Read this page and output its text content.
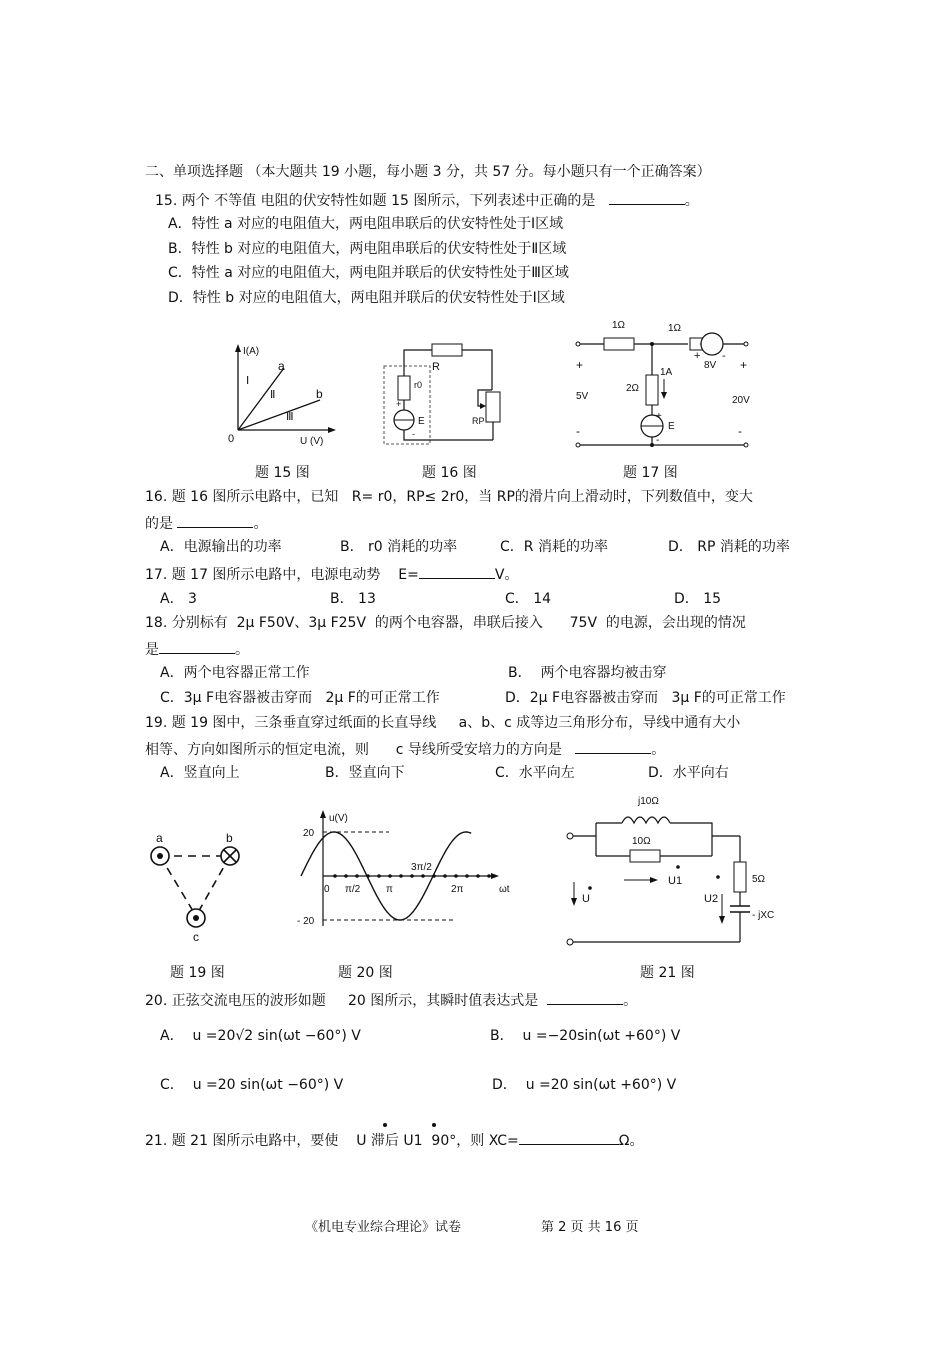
二、单项选择题 （本大题共 19 小题，每小题 3 分，共 57 分。每小题只有一个正确答案）
15. 两个 不等值 电阻的伏安特性如题 15 图所示，下列表述中正确的是	。
A．特性 a 对应的电阻值大，两电阻串联后的伏安特性处于Ⅰ区域
B．特性 b 对应的电阻值大，两电阻串联后的伏安特性处于Ⅱ区域
C．特性 a 对应的电阻值大，两电阻并联后的伏安特性处于Ⅲ区域
D．特性 b 对应的电阻值大，两电阻并联后的伏安特性处于Ⅰ区域
I(A)
a
b
Ⅰ
Ⅱ
Ⅲ
0	U (V)
题 15 图
R
r0
+
E
-
RP
题 16 图
1Ω	1Ω
2Ω
1A
8V
+ -
+	+
5V	20V
-	-
+
E
-
题 17 图
16. 题 16 图所示电路中，已知   R= r0，RP≤ 2r0，当 RP的滑片向上滑动时，下列数值中，变大
的是	。
A．电源输出的功率	B． r0 消耗的功率	C．R 消耗的功率	D． RP 消耗的功率
17. 题 17 图所示电路中，电源电动势    E=	V。
A． 3	B． 13	C． 14	D． 15
18. 分别标有  2μ F50V、3μ F25V  的两个电容器，串联后接入      75V  的电源，会出现的情况
是	。
A．两个电容器正常工作	B．  两个电容器均被击穿
C．3μ F电容器被击穿而   2μ F的可正常工作	D．2μ F电容器被击穿而   3μ F的可正常工作
19. 题 19 图中，三条垂直穿过纸面的长直导线     a、b、c 成等边三角形分布，导线中通有大小
相等、方向如图所示的恒定电流，则      c 导线所受安培力的方向是	。
A．竖直向上	B．竖直向下	C．水平向左	D．水平向右
a	b
c
题 19 图
u(V)
20
- 20
0 π/2	π
3π/2
2π	ωt
题 20 图
j10Ω
10Ω
5Ω
- jXC
U
U1
U2
题 21 图
20. 正弦交流电压的波形如题     20 图所示，其瞬时值表达式是	。
A． u =20√2 sin(ωt −60°) V	B． u =−20sin(ωt +60°) V
C． u =20 sin(ωt −60°) V	D． u =20 sin(ωt +60°) V
21. 题 21 图所示电路中，要使    U 滞后 U1  90°，则 XC=	Ω。
《机电专业综合理论》试卷	第 2 页 共 16 页
